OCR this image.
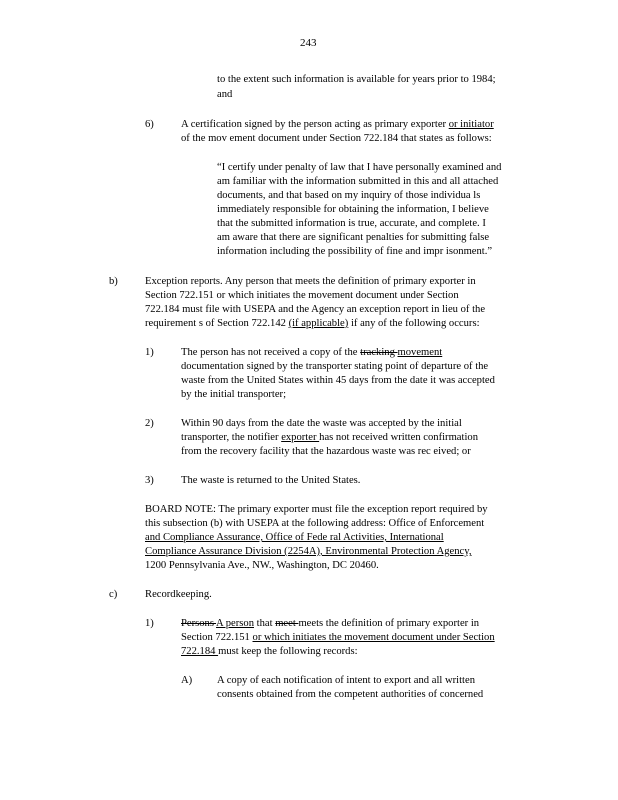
243
to the extent such information is available for years prior to 1984;
and
6)	A certification signed by the person acting as primary exporter or initiator
of the mov ement document under Section 722.184 that states as follows:
“I certify under penalty of law that I have personally examined and
am familiar with the information submitted in this and all attached
documents, and that based on my inquiry of those individua ls
immediately responsible for obtaining the information, I believe
that the submitted information is true, accurate, and complete. I
am aware that there are significant penalties for submitting false
information including the possibility of fine and impr isonment.”
b)	Exception reports. Any person that meets the definition of primary exporter in
Section 722.151 or which initiates the movement document under Section
722.184 must file with USEPA and the Agency an exception report in lieu of the
requirement s of Section 722.142 (if applicable) if any of the following occurs:
1)	The person has not received a copy of the tracking movement
documentation signed by the transporter stating point of departure of the
waste from the United States within 45 days from the date it was accepted
by the initial transporter;
2)	Within 90 days from the date the waste was accepted by the initial
transporter, the notifier exporter has not received written confirmation
from the recovery facility that the hazardous waste was rec eived; or
3)	The waste is returned to the United States.
BOARD NOTE: The primary exporter must file the exception report required by
this subsection (b) with USEPA at the following address: Office of Enforcement
and Compliance Assurance, Office of Fede ral Activities, International
Compliance Assurance Division (2254A), Environmental Protection Agency,
1200 Pennsylvania Ave., NW., Washington, DC 20460.
c)	Recordkeeping.
1)	Persons A person that meet meets the definition of primary exporter in
Section 722.151 or which initiates the movement document under Section
722.184 must keep the following records:
A) A copy of each notification of intent to export and all written
consents obtained from the competent authorities of concerned
